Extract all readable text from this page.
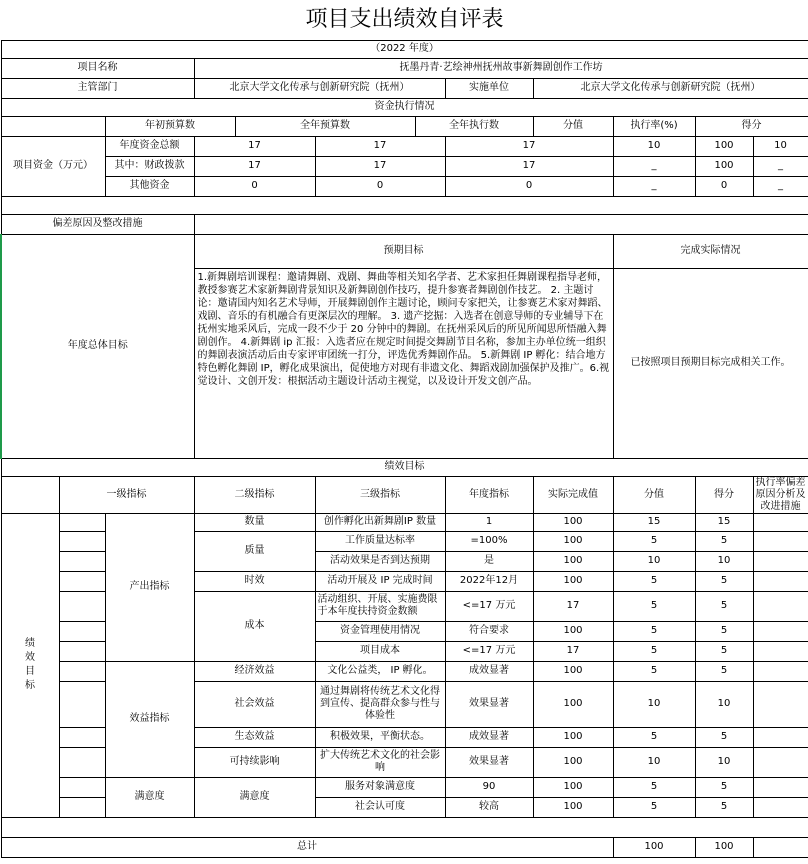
项目支出绩效自评表											
（2022 年度）											
项目名称			抚墨丹青·艺绘神州抚州故事新舞剧创作工作坊								
主管部门			北京大学文化传承与创新研究院（抚州）				实施单位	北京大学文化传承与创新研究院（抚州）			
资金执行情况											
		年初预算数		全年预算数		全年执行数		分值	执行率(%)	得分	
项目资金（万元）		年度资金总额	17		17		17		10	100	10
		其中：财政拨款	17		17		17		_	100	_
		其他资金	0		0		0		_	0	_

偏差原因及整改措施											
年度总体目标			预期目标						完成实际情况		
			1.新舞剧培训课程：邀请舞剧、戏剧、舞曲等相关知名学者、艺术家担任舞剧课程指导老师，教授参赛艺术家新舞剧背景知识及新舞剧创作技巧，提升参赛者舞剧创作技艺。 2. 主题讨论：邀请国内知名艺术导师，开展舞剧创作主题讨论，顾问专家把关，让参赛艺术家对舞蹈、戏剧、音乐的有机融合有更深层次的理解。 3. 遗产挖掘：入选者在创意导师的专业辅导下在抚州实地采风后，完成一段不少于 20 分钟中的舞剧。在抚州采风后的所见所闻思所悟融入舞剧创作。 4.新舞剧 ip 汇报：入选者应在规定时间提交舞剧节目名称，参加主办单位统一组织的舞剧表演活动后由专家评审团统一打分，评选优秀舞剧作品。 5.新舞剧 IP 孵化：结合地方特色孵化舞剧 IP，孵化成果演出，促使地方对现有非遗文化、舞蹈戏剧加强保护及推广。6.视觉设计、文创开发：根据活动主题设计活动主视觉，以及设计开发文创产品。						已按照项目预期目标完成相关工作。		
绩效目标											
	一级指标		二级指标		三级指标		年度指标	实际完成值	分值	得分	执行率偏差原因分析及改进措施
绩效目标		产出指标	数量		创作孵化出新舞剧IP 数量		1	100	15	15	
			质量		工作质量达标率		=100%	100	5	5	
					活动效果是否到达预期		是	100	10	10	
			时效		活动开展及 IP 完成时间		2022年12月	100	5	5	
			成本		活动组织、开展、实施费限于本年度扶持资金数额		<=17 万元	17	5	5	
					资金管理使用情况		符合要求	100	5	5	
					项目成本		<=17 万元	17	5	5	
		效益指标	经济效益		文化公益类， IP 孵化。		成效显著	100	5	5	
			社会效益		通过舞剧将传统艺术文化得到宣传、提高群众参与性与体验性		效果显著	100	10	10	
			生态效益		积极效果，平衡状态。		成效显著	100	5	5	
			可持续影响		扩大传统艺术文化的社会影响		效果显著	100	10	10	
		满意度	满意度		服务对象满意度		90	100	5	5	
					社会认可度		较高	100	5	5	

总计									100	100	
